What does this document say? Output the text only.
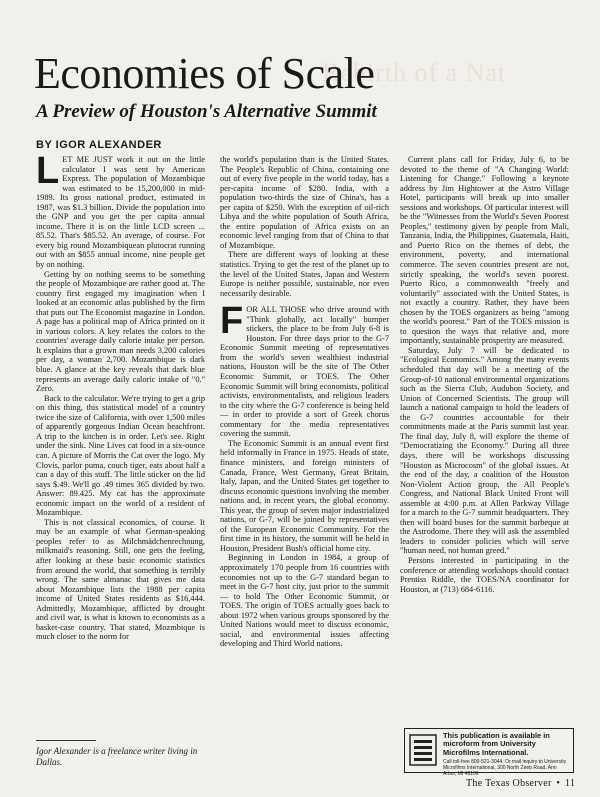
Rebirth of a Nat
Economies of Scale
A Preview of Houston's Alternative Summit
BY IGOR ALEXANDER

LET ME JUST work it out on the little calculator I was sent by American Express. The population of Mozambique was estimated to be 15,200,000 in mid-1989. Its gross national product, estimated in 1987, was $1.3 billion. Divide the population into the GNP and you get the per capita annual income. There it is on the little LCD screen ... 85.52. That's $85.52. An average, of course. For every big round Mozambiquean plutocrat running out with an $855 annual income, nine people get by on nothing.

Getting by on nothing seems to be something the people of Mozambique are rather good at. The country first engaged my imagination when I looked at an economic atlas published by the firm that puts out The Economist magazine in London. A page has a political map of Africa printed on it in various colors. A key relates the colors to the countries' average daily calorie intake per person. It explains that a grown man needs 3,200 calories per day, a woman 2,700. Mozambique is dark blue. A glance at the key reveals that dark blue represents an average daily caloric intake of "0." Zero.

Back to the calculator. We're trying to get a grip on this thing, this statistical model of a country twice the size of California, with over 1,500 miles of apparently gorgeous Indian Ocean beachfront. A trip to the kitchen is in order. Let's see. Right under the sink. Nine Lives cat food in a six-ounce can. A picture of Morris the Cat over the logo. My Clovis, parlor puma, couch tiger, eats about half a can a day of this stuff. The little sticker on the lid says $.49. We'll go .49 times 365 divided by two. Answer: 89.425. My cat has the approximate economic impact on the world of a resident of Mozambique.

This is not classical economics, of course. It may be an example of what German-speaking peoples refer to as Milchmädchenrechnung, milkmaid's reasoning. Still, one gets the feeling, after looking at these basic economic statistics from around the world, that something is terribly wrong. The same almanac that gives me data about Mozambique lists the 1988 per capita income of United States residents as $16,444. Admittedly, Mozambique, afflicted by drought and civil war, is what is known to economists as a basket-case country. That stated, Mozmbique is much closer to the norm for

the world's population than is the United States. The People's Republic of China, containing one out of every five people in the world today, has a per-capita income of $280. India, with a population two-thirds the size of China's, has a per capita of $250. With the exception of oil-rich Libya and the white population of South Africa, the entire population of Africa exists on an economic level ranging from that of China to that of Mozambique.

There are different ways of looking at these statistics. Trying to get the rest of the planet up to the level of the United States, Japan and Western Europe is neither possible, sustainable, nor even necessarily desirable.

FOR ALL THOSE who drive around with "Think globally, act locally" bumper stickers, the place to be from July 6-8 is Houston. For three days prior to the G-7 Economic Summit meeting of representatives from the world's seven wealthiest industrial nations, Houston will be the site of The Other Economic Summit, or TOES. The Other Economic Summit will bring economists, political activists, environmentalists, and religious leaders to the city where the G-7 conference is being held — in order to provide a sort of Greek chorus commentary for the media representatives covering the summit.

The Economic Summit is an annual event first held informally in France in 1975. Heads of state, finance ministers, and foreign ministers of Canada, France, West Germany, Great Britain, Italy, Japan, and the United States get together to discuss economic questions involving the member nations and, in recent years, the global economy. This year, the group of seven major industrialized nations, or G-7, will be joined by representatives of the European Economic Community. For the first time in its history, the summit will be held in Houston, President Bush's official home city.

Beginning in London in 1984, a group of approximately 170 people from 16 countries with economies not up to the G-7 standard began to meet in the G-7 host city, just prior to the summit — to hold The Other Economic Summit, or TOES. The origin of TOES actually goes back to about 1972 when various groups sponsored by the United Nations would meet to discuss economic, social, and environmental issues affecting developing and Third World nations.

Current plans call for Friday, July 6, to be devoted to the theme of "A Changing World: Listening for Change." Following a keynote address by Jim Hightower at the Astro Village Hotel, participants will break up into smaller sessions and workshops. Of particular interest will be the "Witnesses from the World's Seven Poorest Peoples," testimony given by people from Mali, Tanzania, India, the Philippines, Guatemala, Haiti, and Puerto Rico on the themes of debt, the environment, poverty, and international commerce. The seven countries present are not, strictly speaking, the world's seven poorest. Puerto Rico, a commonwealth "freely and voluntarily" associated with the United States, is not exactly a country. Rather, they have been chosen by the TOES organizers as being "among the world's poorest." Part of the TOES mission is to question the ways that relative and, more importantly, sustainable prosperity are measured.

Saturday, July 7 will be dedicated to "Ecological Economics." Among the many events scheduled that day will be a meeting of the Group-of-10 national environmental organizations such as the Sierra Club, Audubon Society, and Union of Concerned Scientists. The group will launch a national campaign to hold the leaders of the G-7 countries accountable for their commitments made at the Paris summit last year. The final day, July 8, will explore the theme of "Democratizing the Economy." During all three days, there will be workshops discussing "Houston as Microcosm" of the global issues. At the end of the day, a coalition of the Houston Non-Violent Action group, the All People's Congress, and National Black United Front will assemble at 4:00 p.m. at Allen Parkway Village for a march to the G-7 summit headquarters. They then will board buses for the summit barbeque at the Astrodome. There they will ask the assembled leaders to consider policies which will serve "human need, not human greed."

Persons interested in participating in the conference or attending workshops should contact Prentiss Riddle, the TOES/NA coordinator for Houston, at (713) 684-6116.

Igor Alexander is a freelance writer living in Dallas.
This publication is available in microform from University Microfilms International.
Call toll-free 800-521-3044. Or mail inquiry to University Microfilms International, 300 North Zeeb Road, Ann Arbor, MI 48106
The Texas Observer • 11
